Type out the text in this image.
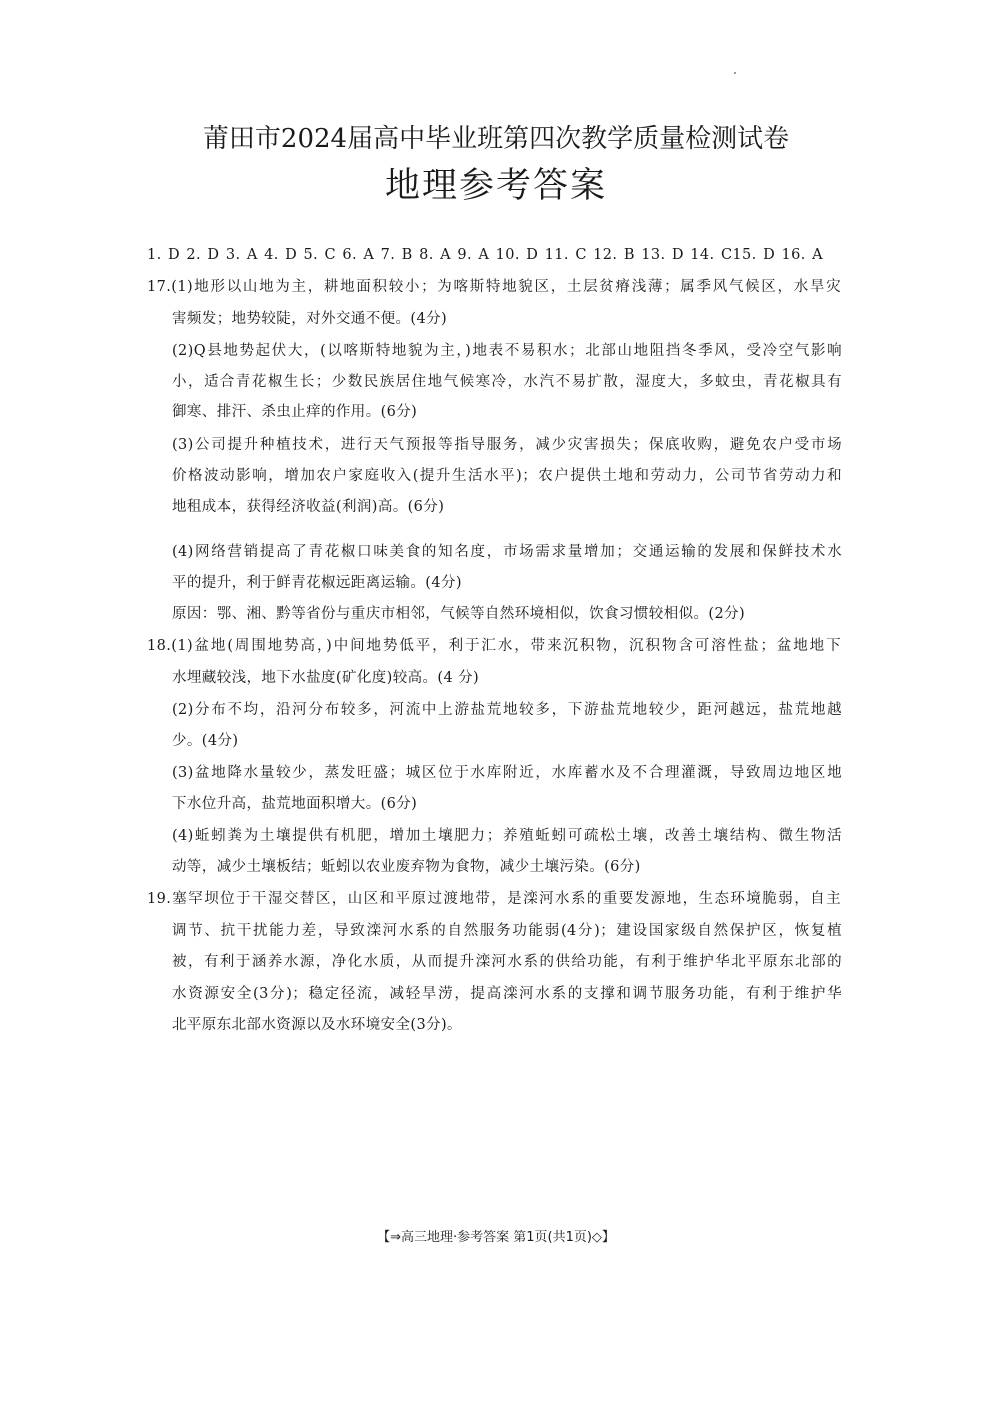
莆田市2024届高中毕业班第四次教学质量检测试卷
地理参考答案
1. D 2. D 3. A 4. D 5. C 6. A 7. B 8. A 9. A 10. D 11. C 12. B 13. D 14. C15. D 16. A
17.(1)地形以山地为主，耕地面积较小；为喀斯特地貌区，土层贫瘠浅薄；属季风气候区，水旱灾
害频发；地势较陡，对外交通不便。(4分)
(2)Q县地势起伏大，(以喀斯特地貌为主，)地表不易积水；北部山地阻挡冬季风，受冷空气影响
小，适合青花椒生长；少数民族居住地气候寒冷，水汽不易扩散，湿度大，多蚊虫，青花椒具有
御寒、排汗、杀虫止痒的作用。(6分)
(3)公司提升种植技术，进行天气预报等指导服务，减少灾害损失；保底收购，避免农户受市场
价格波动影响，增加农户家庭收入(提升生活水平)；农户提供土地和劳动力，公司节省劳动力和
地租成本，获得经济收益(利润)高。(6分)
(4)网络营销提高了青花椒口味美食的知名度，市场需求量增加；交通运输的发展和保鲜技术水
平的提升，利于鲜青花椒远距离运输。(4分)
原因：鄂、湘、黔等省份与重庆市相邻，气候等自然环境相似，饮食习惯较相似。(2分)
18.(1)盆地(周围地势高，)中间地势低平，利于汇水，带来沉积物，沉积物含可溶性盐；盆地地下
水埋藏较浅，地下水盐度(矿化度)较高。(4 分)
(2)分布不均，沿河分布较多，河流中上游盐荒地较多，下游盐荒地较少，距河越远，盐荒地越
少。(4分)
(3)盆地降水量较少，蒸发旺盛；城区位于水库附近，水库蓄水及不合理灌溉，导致周边地区地
下水位升高，盐荒地面积增大。(6分)
(4)蚯蚓粪为土壤提供有机肥，增加土壤肥力；养殖蚯蚓可疏松土壤，改善土壤结构、微生物活
动等，减少土壤板结；蚯蚓以农业废弃物为食物，减少土壤污染。(6分)
19.塞罕坝位于干湿交替区，山区和平原过渡地带，是滦河水系的重要发源地，生态环境脆弱，自主
调节、抗干扰能力差，导致滦河水系的自然服务功能弱(4分)；建设国家级自然保护区，恢复植
被，有利于涵养水源，净化水质，从而提升滦河水系的供给功能，有利于维护华北平原东北部的
水资源安全(3分)；稳定径流，减轻旱涝，提高滦河水系的支撑和调节服务功能，有利于维护华
北平原东北部水资源以及水环境安全(3分)。
【⇒高三地理·参考答案 第1页(共1页)◇】
